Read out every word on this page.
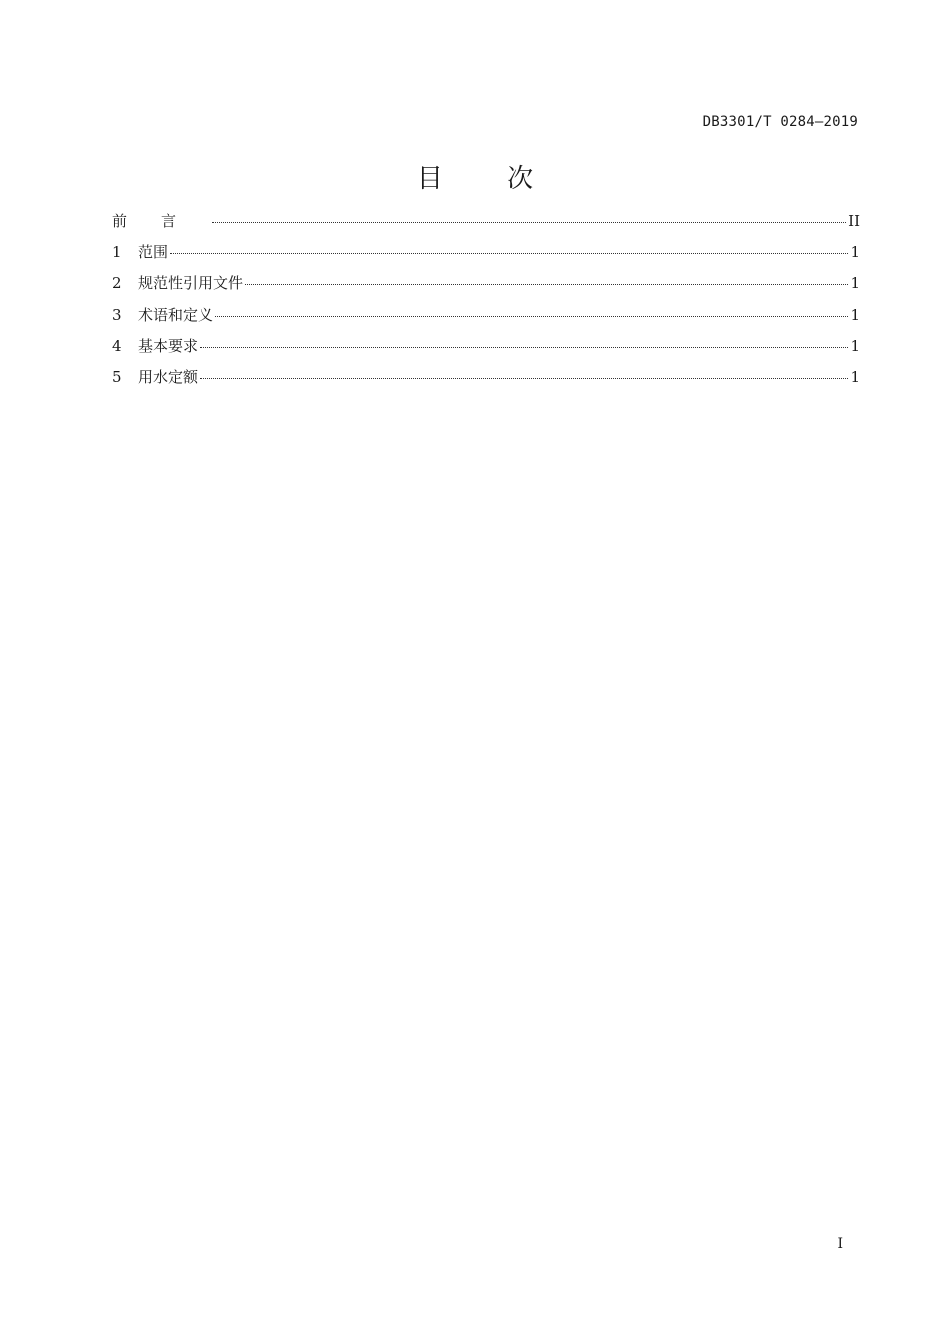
DB3301/T 0284—2019
目 次
前言	II
1	范围	1
2	规范性引用文件	1
3	术语和定义	1
4	基本要求	1
5	用水定额	1
I
